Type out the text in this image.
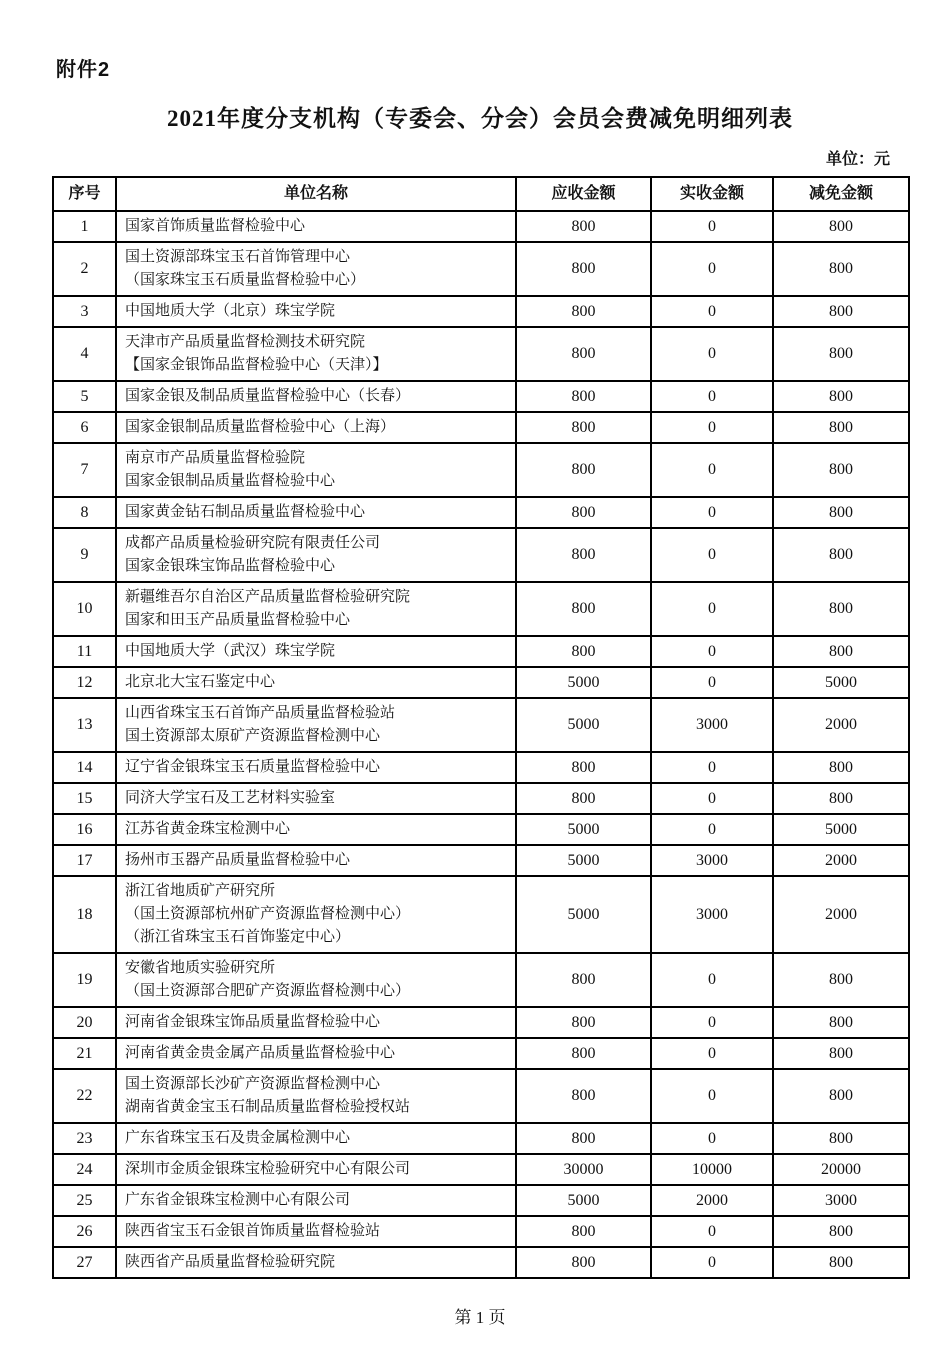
附件2
2021年度分支机构（专委会、分会）会员会费减免明细列表
单位：元
序号	单位名称	应收金额	实收金额	减免金额
1	国家首饰质量监督检验中心	800	0	800
2	国土资源部珠宝玉石首饰管理中心
（国家珠宝玉石质量监督检验中心）	800	0	800
3	中国地质大学（北京）珠宝学院	800	0	800
4	天津市产品质量监督检测技术研究院
【国家金银饰品监督检验中心（天津）】	800	0	800
5	国家金银及制品质量监督检验中心（长春）	800	0	800
6	国家金银制品质量监督检验中心（上海）	800	0	800
7	南京市产品质量监督检验院
国家金银制品质量监督检验中心	800	0	800
8	国家黄金钻石制品质量监督检验中心	800	0	800
9	成都产品质量检验研究院有限责任公司
国家金银珠宝饰品监督检验中心	800	0	800
10	新疆维吾尔自治区产品质量监督检验研究院
国家和田玉产品质量监督检验中心	800	0	800
11	中国地质大学（武汉）珠宝学院	800	0	800
12	北京北大宝石鉴定中心	5000	0	5000
13	山西省珠宝玉石首饰产品质量监督检验站
国土资源部太原矿产资源监督检测中心	5000	3000	2000
14	辽宁省金银珠宝玉石质量监督检验中心	800	0	800
15	同济大学宝石及工艺材料实验室	800	0	800
16	江苏省黄金珠宝检测中心	5000	0	5000
17	扬州市玉器产品质量监督检验中心	5000	3000	2000
18	浙江省地质矿产研究所
（国土资源部杭州矿产资源监督检测中心）
（浙江省珠宝玉石首饰鉴定中心）	5000	3000	2000
19	安徽省地质实验研究所
（国土资源部合肥矿产资源监督检测中心）	800	0	800
20	河南省金银珠宝饰品质量监督检验中心	800	0	800
21	河南省黄金贵金属产品质量监督检验中心	800	0	800
22	国土资源部长沙矿产资源监督检测中心
湖南省黄金宝玉石制品质量监督检验授权站	800	0	800
23	广东省珠宝玉石及贵金属检测中心	800	0	800
24	深圳市金质金银珠宝检验研究中心有限公司	30000	10000	20000
25	广东省金银珠宝检测中心有限公司	5000	2000	3000
26	陕西省宝玉石金银首饰质量监督检验站	800	0	800
27	陕西省产品质量监督检验研究院	800	0	800
第 1 页
